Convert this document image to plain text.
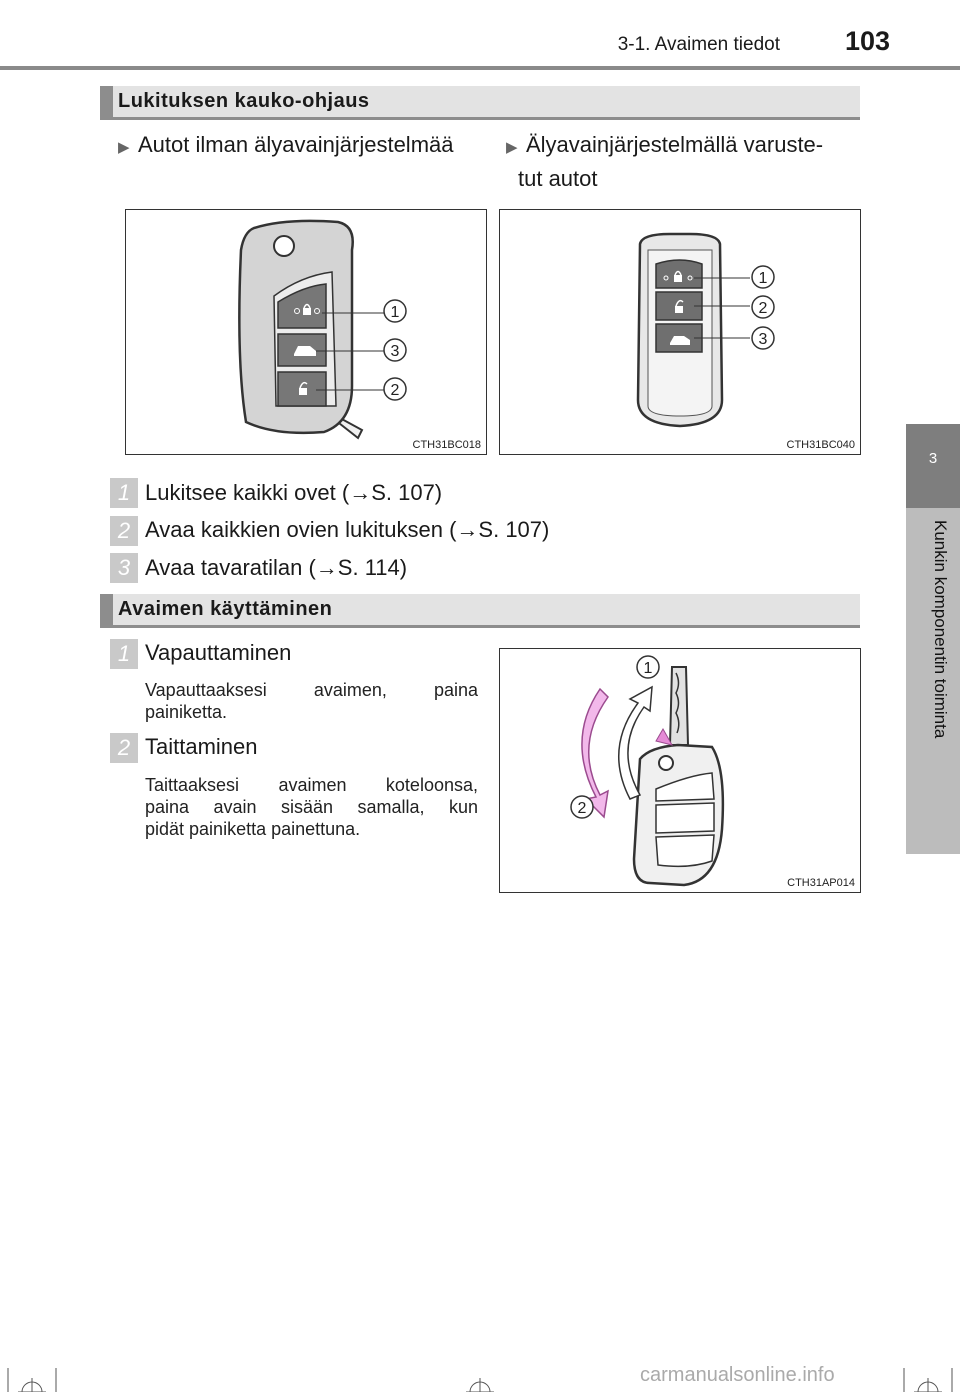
3-1. Avaimen tiedot	103
3
Kunkin komponentin toiminta
Lukituksen kauko-ohjaus
▶ Autot ilman älyavainjärjestelmää	▶ Älyavainjärjestelmällä varuste-
tut autot
1
3
2
CTH31BC018
1
2
3
CTH31BC040
1 Lukitsee kaikki ovet (→S. 107)
2 Avaa kaikkien ovien lukituksen (→S. 107)
3 Avaa tavaratilan (→S. 114)
Avaimen käyttäminen
1 Vapauttaminen
Vapauttaaksesi avaimen, paina
painiketta.
2 Taittaminen
Taittaaksesi avaimen koteloonsa,
paina avain sisään samalla, kun
pidät painiketta painettuna.
1
2
CTH31AP014
carmanualsonline.info
